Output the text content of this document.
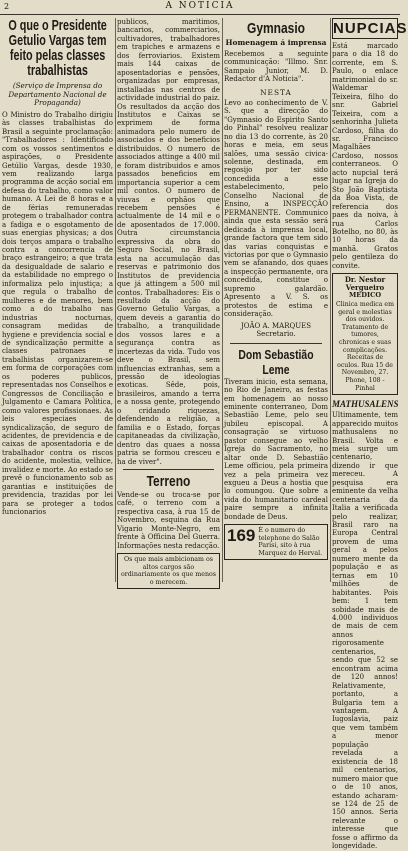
2	A NOTICIA
O que o Presidente Getulio Vargas tem feito pelas classes trabalhistas
(Serviço de Imprensa do Departamento Nacional de Propaganda)

O Ministro do Trabalho dirigiu às classes trabalhistas do Brasil a seguinte proclamação: "Trabalhadores : Identificado com os vossos sentimentos e aspirações, o Presidente Getúlio Vargas, desde 1930, vem realizando larga programma de acção social em defesa do trabalho, como valor humano. A Lei de 8 horas e a de férias remuneradas protegem o trabalhador contra a fadiga e o esgotamento de suas energias physicas; a dos dois terços ampara o trabalho contra a concorrencia de braço estrangeiro; a que trata da desigualdade de salario e da estabilidade no emprego o informaliza pelo injustiça; a que regula o trabalho de mulheres e de menores, bem como a do trabalho nas industrias nocturnas, consagram medidas de hygiene e previdencia social e de syndicalização permitte a classes patronaes e trabalhistas organizarem-se em forma de corporações com os poderes publicos, representadas nos Conselhos e Congressos de Conciliação e Julgamento e Camara Politica, como valores profissionaes. As leis especiaes de syndicalização, de seguro de acidentes, de previdencia e de caixas de aposentadoria e de trabalhador contra os riscos do acidente, molestia, velhice, invalidez e morte. Ao estado se prevê o funcionamento sob as garantias e instituições de previdencia, trazidas por lei para se proteger a todos funcionarios

publicos, maritimos, bancarios, commerciarios, cultivadores, trabalhadores em trapiches e armazens e dos ferroviarios. Existem mais 144 caixas de aposentadorias e pensões, organizadas por empresas, installadas nas centros de actividade industrial do paiz. Os resultados da acção dos Institutos e Caixas se exprimem de forma animadora pelo numero de associados e dos beneficios distribuidos. O numero de associados attinge a 400 mil e foram distribuidos e amos passados beneficios em importancia superior a cem mil contos. O numero de viuvas e orphãos que recebem pensões é actualmente de 14 mil e o de aposentados de 17.000. Outra circumstancia expressiva da obra do Seguro Social, no Brasil, esta na accumulação das reservas e patrimonio dos Institutos de previdencia que já attingem a 500 mil contos. Trabalhadores: Eis o resultado da acção do Governo Getulio Vargas, a quem deveis a garantia do trabalho, a tranquilidade dos vossos lares e a segurança contra as incertezas da vida. Tudo vos deve o Brasil, sem influencias extranhas, sem a pressão de ideologias exoticas. Sêde, pois, brasileiros, amando a terra e a nossa gente, protegendo o cridando riquezas, defendendo a religião, a familia e o Estado, forças capitaneadas da civilização, dentro das quaes a nossa patria se formou cresceu e ha de viver".

Terreno

Vende-se ou troca-se por café, o terreno com a respectiva casa, à rua 15 de Novembro, esquina da Rua Vigario Monte-Negro, em frente à Officina Del Guerra. Informações nesta redacção.

Os que mais ambicionam os altos cargos são ordinariamente os que menos o merecem.
Gymnasio
Homenagem á imprensa

Recebemos a seguinte communicação: "Illmo. Snr. Sampaio Junior, M. D. Redactor d'A Noticia".

NESTA

Levo ao conhecimento de V. S. que a direcção do "Gymnasio do Espirito Santo do Pinhal" resolveu realizar no dia 13 do corrente, às 20 horas e meia, em seus salões, uma sessão civica-solenne, destinada, em regosijo por ter sido concedida a esse estabelecimento, pelo Conselho Nacional de Ensino, a INSPECÇÃO PERMANENTE. Communico ainda que esta sessão será dedicada à imprensa local, grande factora que tem sido das varias conquistas e victorias por que o Gymnasio vem se afanando, dos quaes a inspecção permanente, ora concedida, constitue o supremo galardão. Apresento a V. S. os protestos de estima e consideração.

JOÃO A. MARQUES Secretario.
Dom Sebastião Leme

Tiveram inicio, esta semana, no Rio de Janeiro, as festas em homenagem ao nosso eminente conterraneo, Dom Sebastião Leme, pelo seu jubileu episcopal. A consagração se virtuoso pastor consegue ao velho Igreja do Sacramento, no altar onde D. Sebastião Leme officiou, pela primeira vez a pela primeira vez exgueu a Deus a hostia que lo comungou. Que sobre a vida do humanitario cardeal paire sempre a infinita bondade de Deus.

169 É o numero do telephone do Salão Parisi, sito à rua Marquez do Herval.
NUPCIAS

Está marcado para o dia 18 do corrente, em S. Paulo, o enlace matrimonial do sr. Waldemar Teixeira, filho do snr. Gabriel Teixeira, com a senhorinha Julieta Cardoso, filha do sr. Francisco Magalhães Cardoso, nossos conterraneos. O acto nupcial terá lugar na Igreja do Sto João Baptista da Boa Vista, de referencia dos paes da noiva, à rua Carlos Botelho, no 80, às 10 horas da manhã. Gratos pelo gentileza do convite.

Dr. Nestor Vergueiro
MEDICO
Clinica medica em geral e molestias dos ouvidos. Tratamento de tumores, chronicas e suas complicações. Receitas de oculos. Rua 15 de Novembro, 27. Phone, 108 - Pinhal
MATHUSALENS

Ultimamente, tem apparecido muitos mathusalens no Brasil. Volta e meia surge um centenario, dizendo ir que mereceu. A pesquisa era eminente da velha centenaria da Italia a verificada pelo realizar, Brasil raro na Europa Central provem de uma geral a pelos numero mente da população e as ternas em 10 milhões de habitantes. Pois bem: 1 tem sobidade mais de 4.000 individuos de mais de cem annos rigorosamente centenarios, sendo que 52 se encontram acima de 120 annos! Relativamente, portanto, a Bulgaria tem a vantagem. A Iugoslavia, paiz que vem também a menor população revelada a existencia de 18 mil centenarios, numero maior que o de 10 anos, estando acharam-se 124 de 25 de 150 annos. Seria relevante o interesse que fosse o affirmo da longevidade.
